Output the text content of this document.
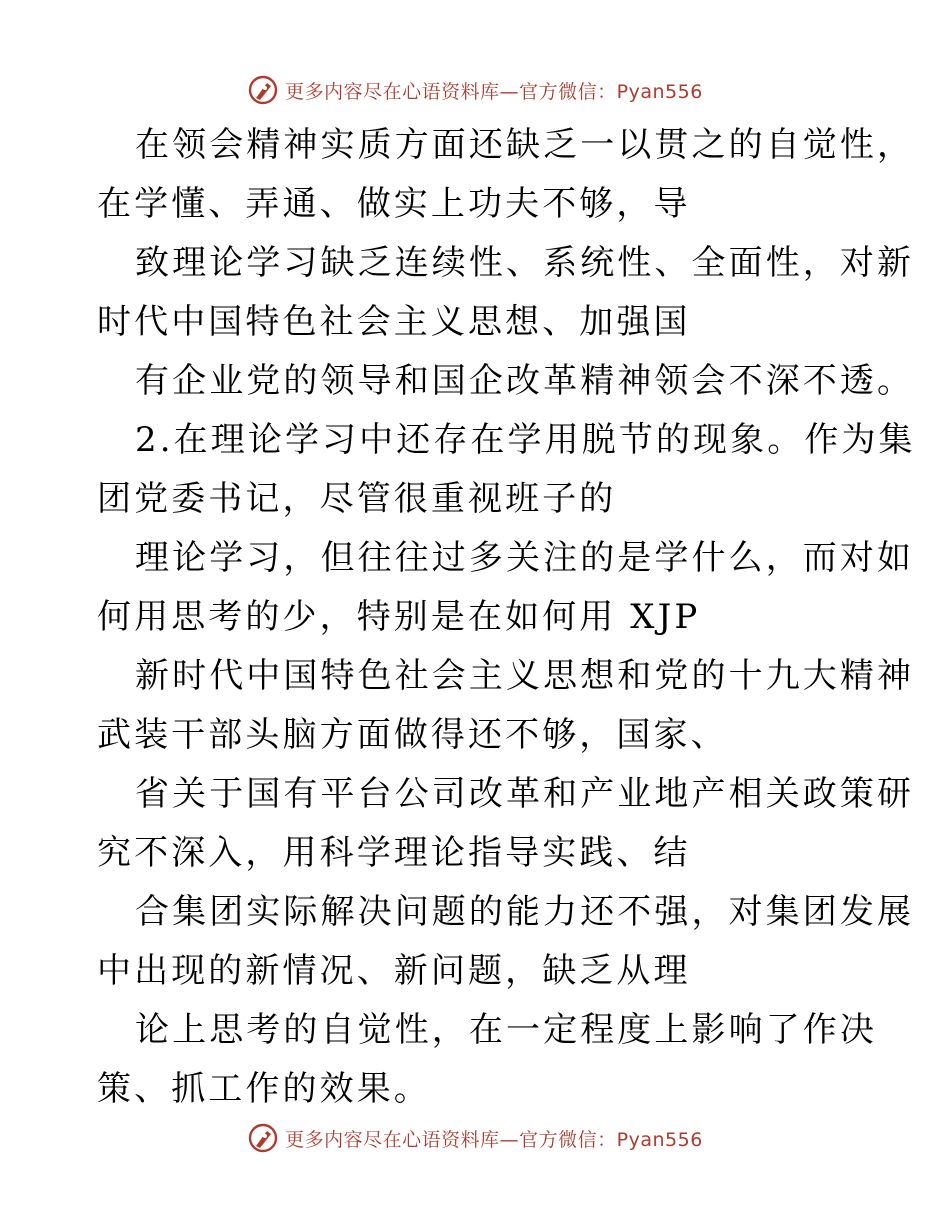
更多内容尽在心语资料库—官方微信：Pyan556

在领会精神实质方面还缺乏一以贯之的自觉性，
在学懂、弄通、做实上功夫不够，导

致理论学习缺乏连续性、系统性、全面性，对新
时代中国特色社会主义思想、加强国

有企业党的领导和国企改革精神领会不深不透。

2.在理论学习中还存在学用脱节的现象。作为集
团党委书记，尽管很重视班子的

理论学习，但往往过多关注的是学什么，而对如
何用思考的少，特别是在如何用 XJP

新时代中国特色社会主义思想和党的十九大精神
武装干部头脑方面做得还不够，国家、

省关于国有平台公司改革和产业地产相关政策研
究不深入，用科学理论指导实践、结

合集团实际解决问题的能力还不强，对集团发展
中出现的新情况、新问题，缺乏从理

论上思考的自觉性，在一定程度上影响了作决
策、抓工作的效果。

更多内容尽在心语资料库—官方微信：Pyan556
